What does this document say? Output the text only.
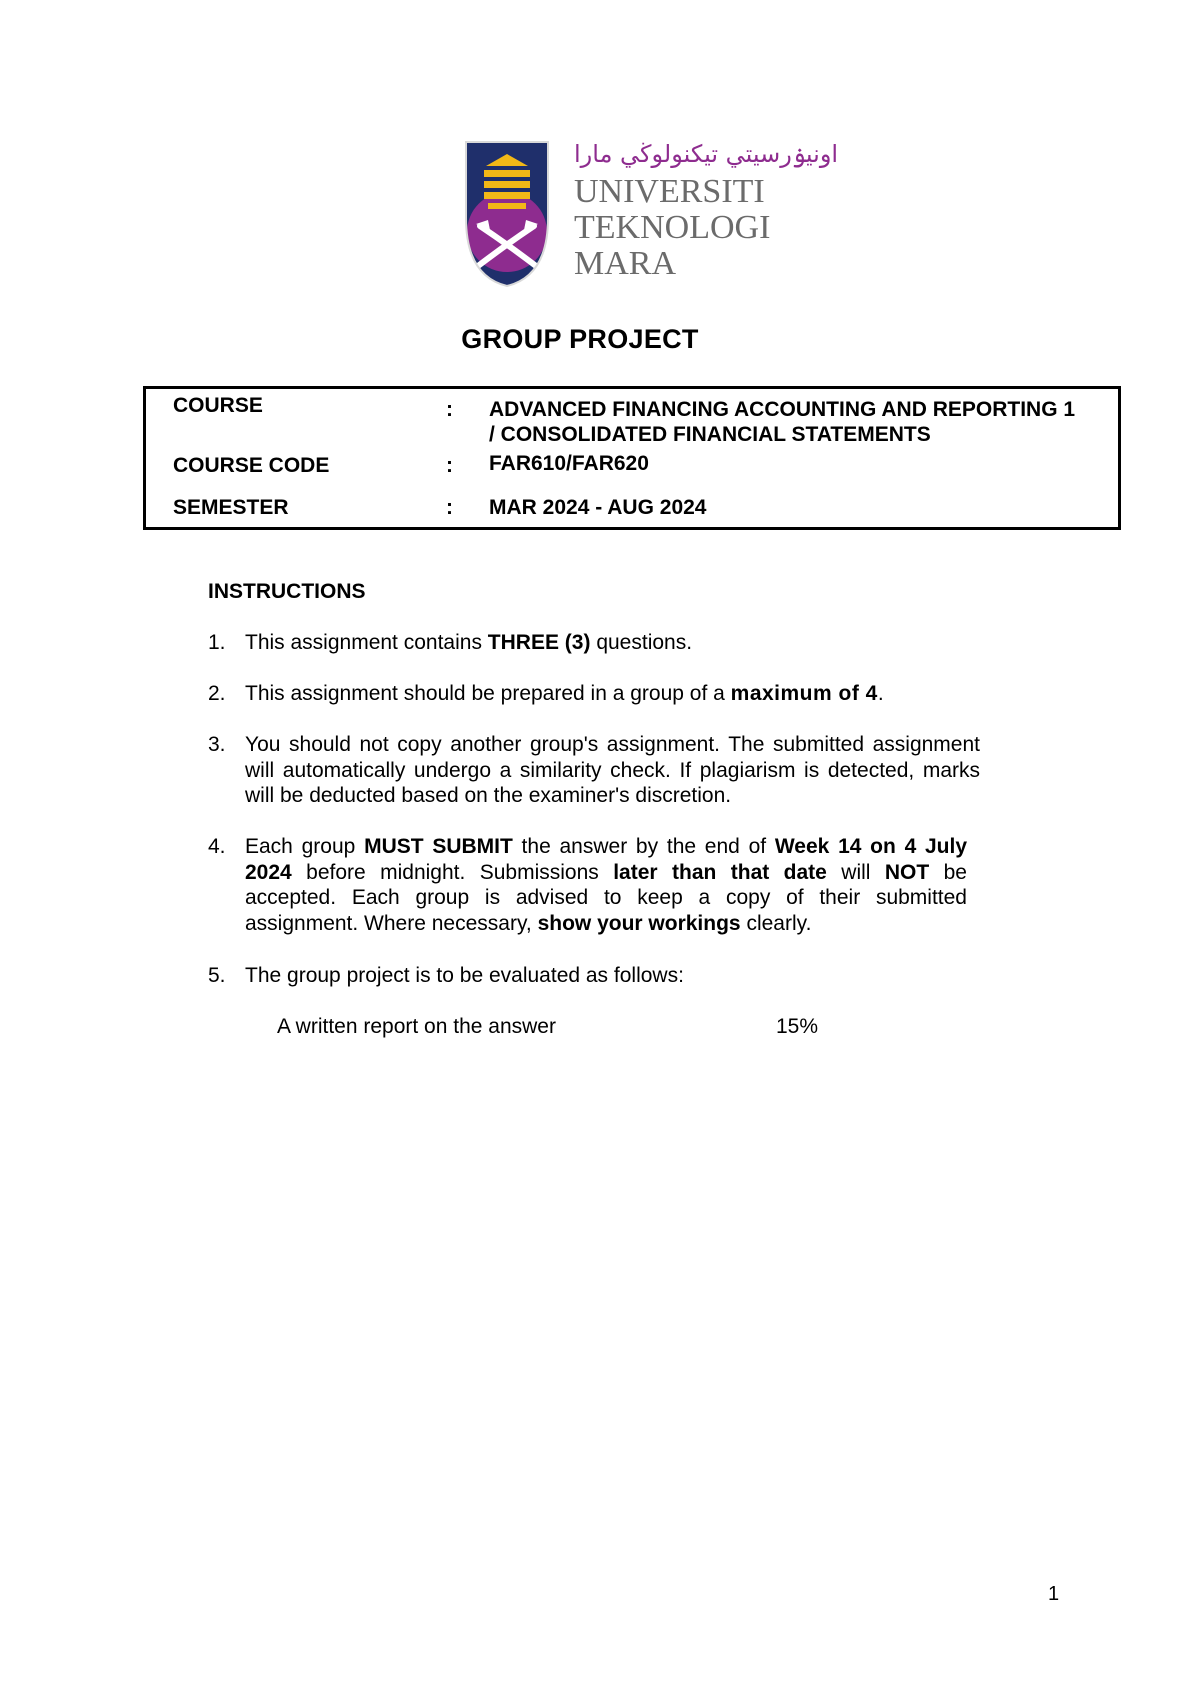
اونيۏرسيتي تيكنولوڬي مارا
UNIVERSITI
TEKNOLOGI
MARA
GROUP PROJECT
COURSE	: ADVANCED FINANCING ACCOUNTING AND REPORTING 1
/ CONSOLIDATED FINANCIAL STATEMENTS
COURSE CODE	: FAR610/FAR620
SEMESTER	: MAR 2024 - AUG 2024
INSTRUCTIONS
1. This assignment contains THREE (3) questions.
2. This assignment should be prepared in a group of a maximum of 4.
3. You should not copy another group's assignment. The submitted assignment will automatically undergo a similarity check. If plagiarism is detected, marks will be deducted based on the examiner's discretion.
4. Each group MUST SUBMIT the answer by the end of Week 14 on 4 July 2024 before midnight. Submissions later than that date will NOT be accepted. Each group is advised to keep a copy of their submitted assignment. Where necessary, show your workings clearly.
5. The group project is to be evaluated as follows:
A written report on the answer	15%
1
